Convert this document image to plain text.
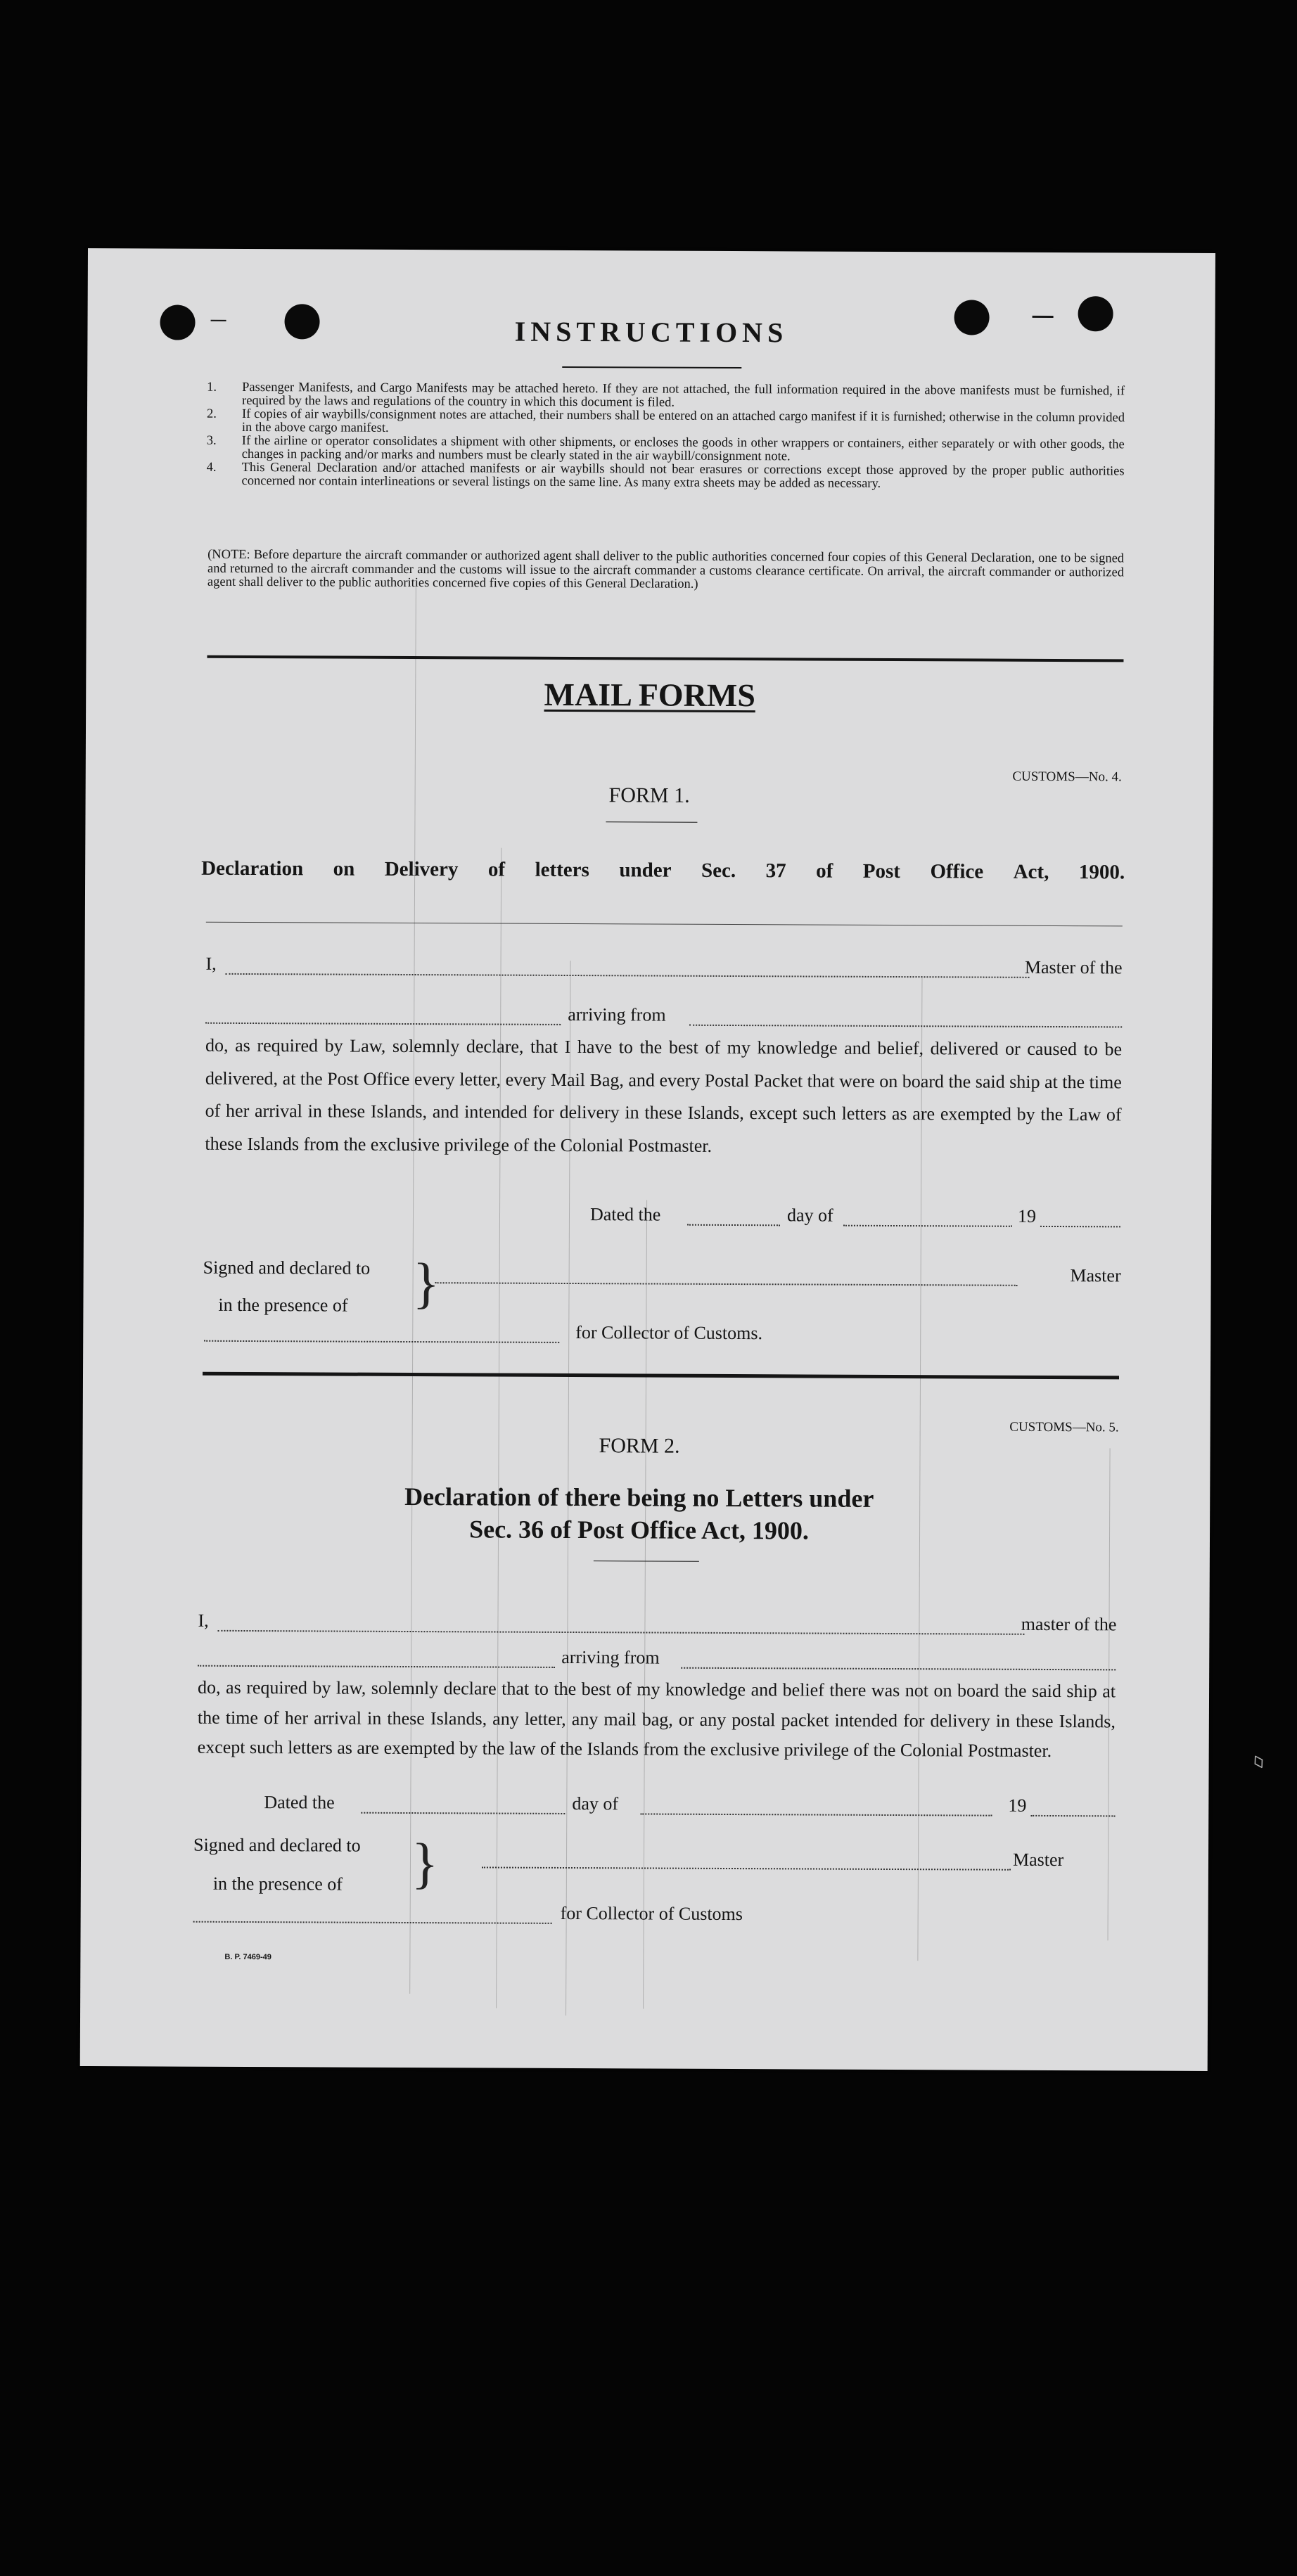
INSTRUCTIONS
1. Passenger Manifests, and Cargo Manifests may be attached hereto. If they are not attached, the full information required in the above manifests must be furnished, if required by the laws and regulations of the country in which this document is filed.
2. If copies of air waybills/consignment notes are attached, their numbers shall be entered on an attached cargo manifest if it is furnished; otherwise in the column provided in the above cargo manifest.
3. If the airline or operator consolidates a shipment with other shipments, or encloses the goods in other wrappers or containers, either separately or with other goods, the changes in packing and/or marks and numbers must be clearly stated in the air waybill/consignment note.
4. This General Declaration and/or attached manifests or air waybills should not bear erasures or corrections except those approved by the proper public authorities concerned nor contain interlineations or several listings on the same line. As many extra sheets may be added as necessary.
(NOTE: Before departure the aircraft commander or authorized agent shall deliver to the public authorities concerned four copies of this General Declaration, one to be signed and returned to the aircraft commander and the customs will issue to the aircraft commander a customs clearance certificate. On arrival, the aircraft commander or authorized agent shall deliver to the public authorities concerned five copies of this General Declaration.)
MAIL FORMS
CUSTOMS—No. 4.
FORM 1.
Declaration on Delivery of letters under Sec. 37 of Post Office Act, 1900.
I,	Master of the
arriving from
do, as required by Law, solemnly declare, that I have to the best of my knowledge and belief, delivered or caused to be delivered, at the Post Office every letter, every Mail Bag, and every Postal Packet that were on board the said ship at the time of her arrival in these Islands, and intended for delivery in these Islands, except such letters as are exempted by the Law of these Islands from the exclusive privilege of the Colonial Postmaster.
Dated the	day of	19
Signed and declared to
in the presence of }	Master
for Collector of Customs.
CUSTOMS—No. 5.
FORM 2.
Declaration of there being no Letters under
Sec. 36 of Post Office Act, 1900.
I,	master of the
arriving from
do, as required by law, solemnly declare that to the best of my knowledge and belief there was not on board the said ship at the time of her arrival in these Islands, any letter, any mail bag, or any postal packet intended for delivery in these Islands, except such letters as are exempted by the law of the Islands from the exclusive privilege of the Colonial Postmaster.
Dated the	day of	19
Signed and declared to
in the presence of }	Master
for Collector of Customs
B. P. 7469-49
◊
